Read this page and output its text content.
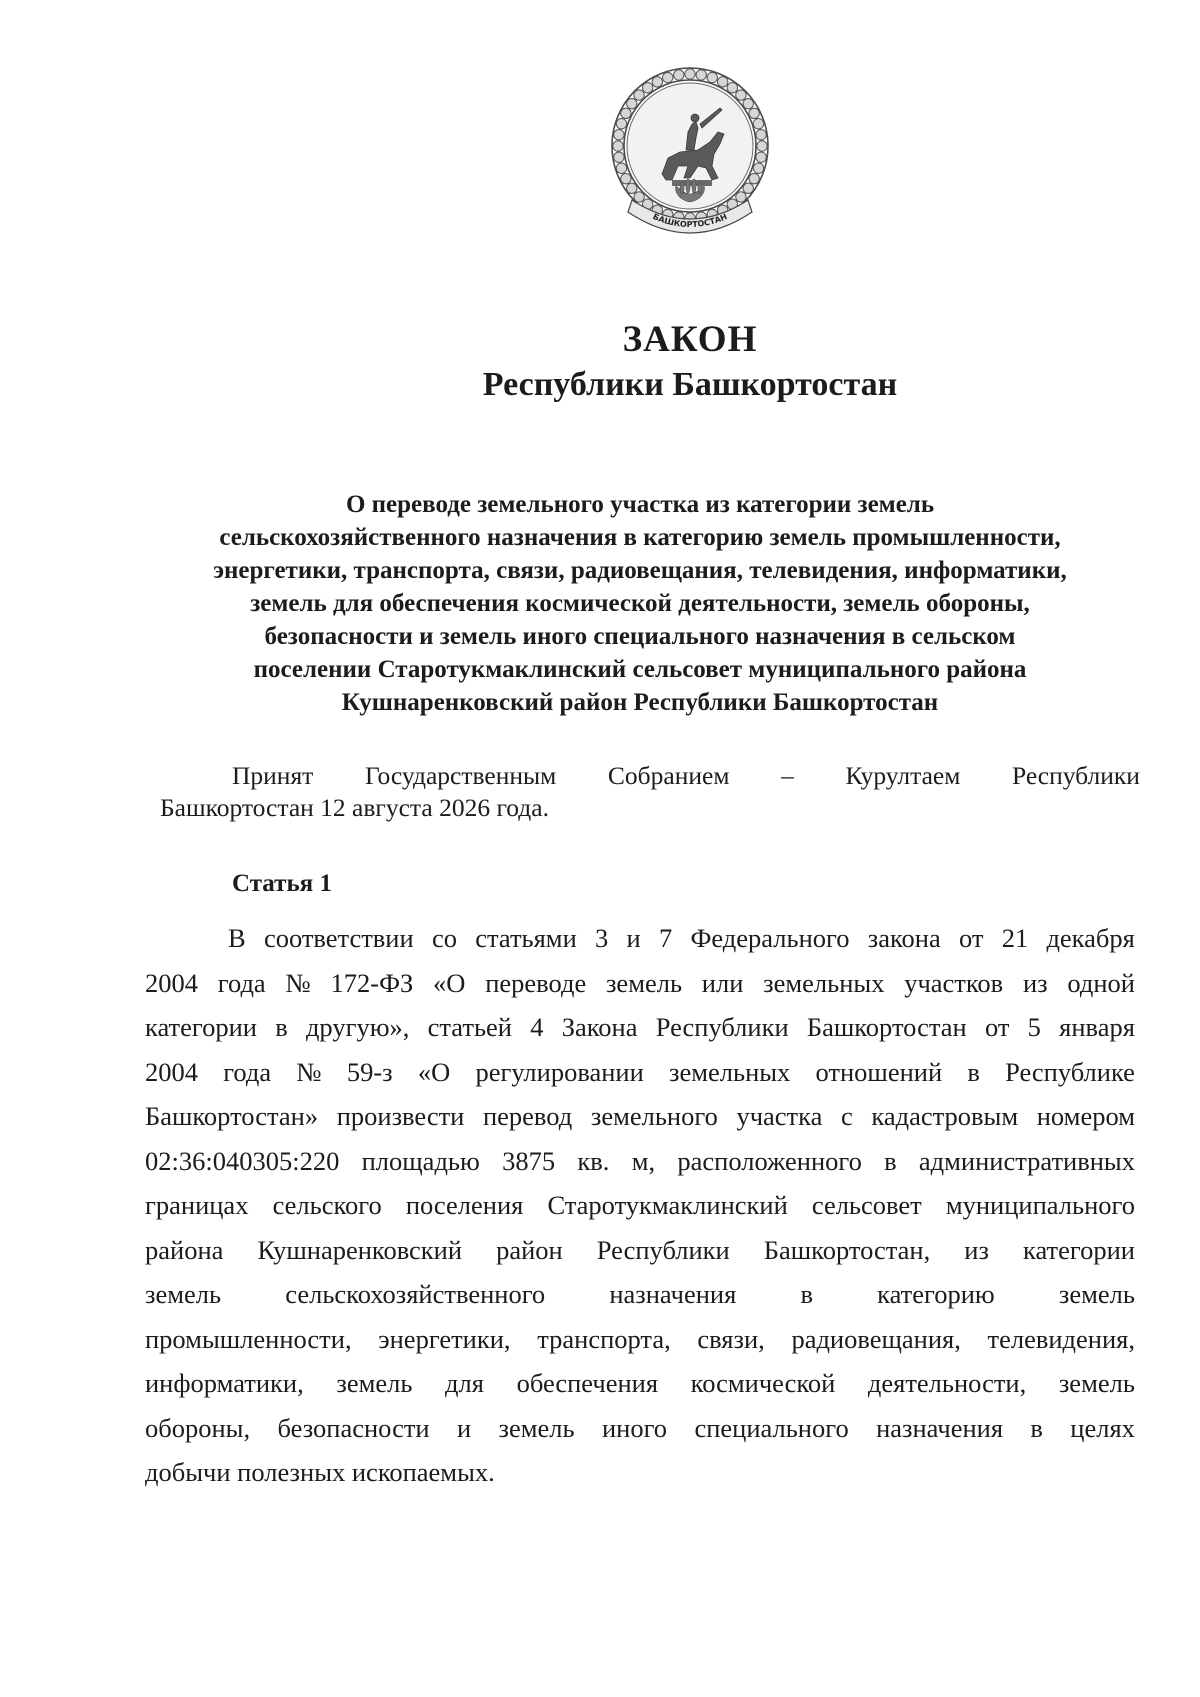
БАШКОРТОСТАН
ЗАКОН
Республики Башкортостан
О переводе земельного участка из категории земель
сельскохозяйственного назначения в категорию земель промышленности,
энергетики, транспорта, связи, радиовещания, телевидения, информатики,
земель для обеспечения космической деятельности, земель обороны,
безопасности и земель иного специального назначения в сельском
поселении Старотукмаклинский сельсовет муниципального района
Кушнаренковский район Республики Башкортостан
Принят Государственным Собранием – Курултаем Республики
Башкортостан 12 августа 2026 года.
Статья 1
В соответствии со статьями 3 и 7 Федерального закона от 21 декабря
2004 года № 172-ФЗ «О переводе земель или земельных участков из одной
категории в другую», статьей 4 Закона Республики Башкортостан от 5 января
2004 года № 59-з «О регулировании земельных отношений в Республике
Башкортостан» произвести перевод земельного участка с кадастровым номером
02:36:040305:220 площадью 3875 кв. м, расположенного в административных
границах сельского поселения Старотукмаклинский сельсовет муниципального
района Кушнаренковский район Республики Башкортостан, из категории
земель сельскохозяйственного назначения в категорию земель
промышленности, энергетики, транспорта, связи, радиовещания, телевидения,
информатики, земель для обеспечения космической деятельности, земель
обороны, безопасности и земель иного специального назначения в целях
добычи полезных ископаемых.
